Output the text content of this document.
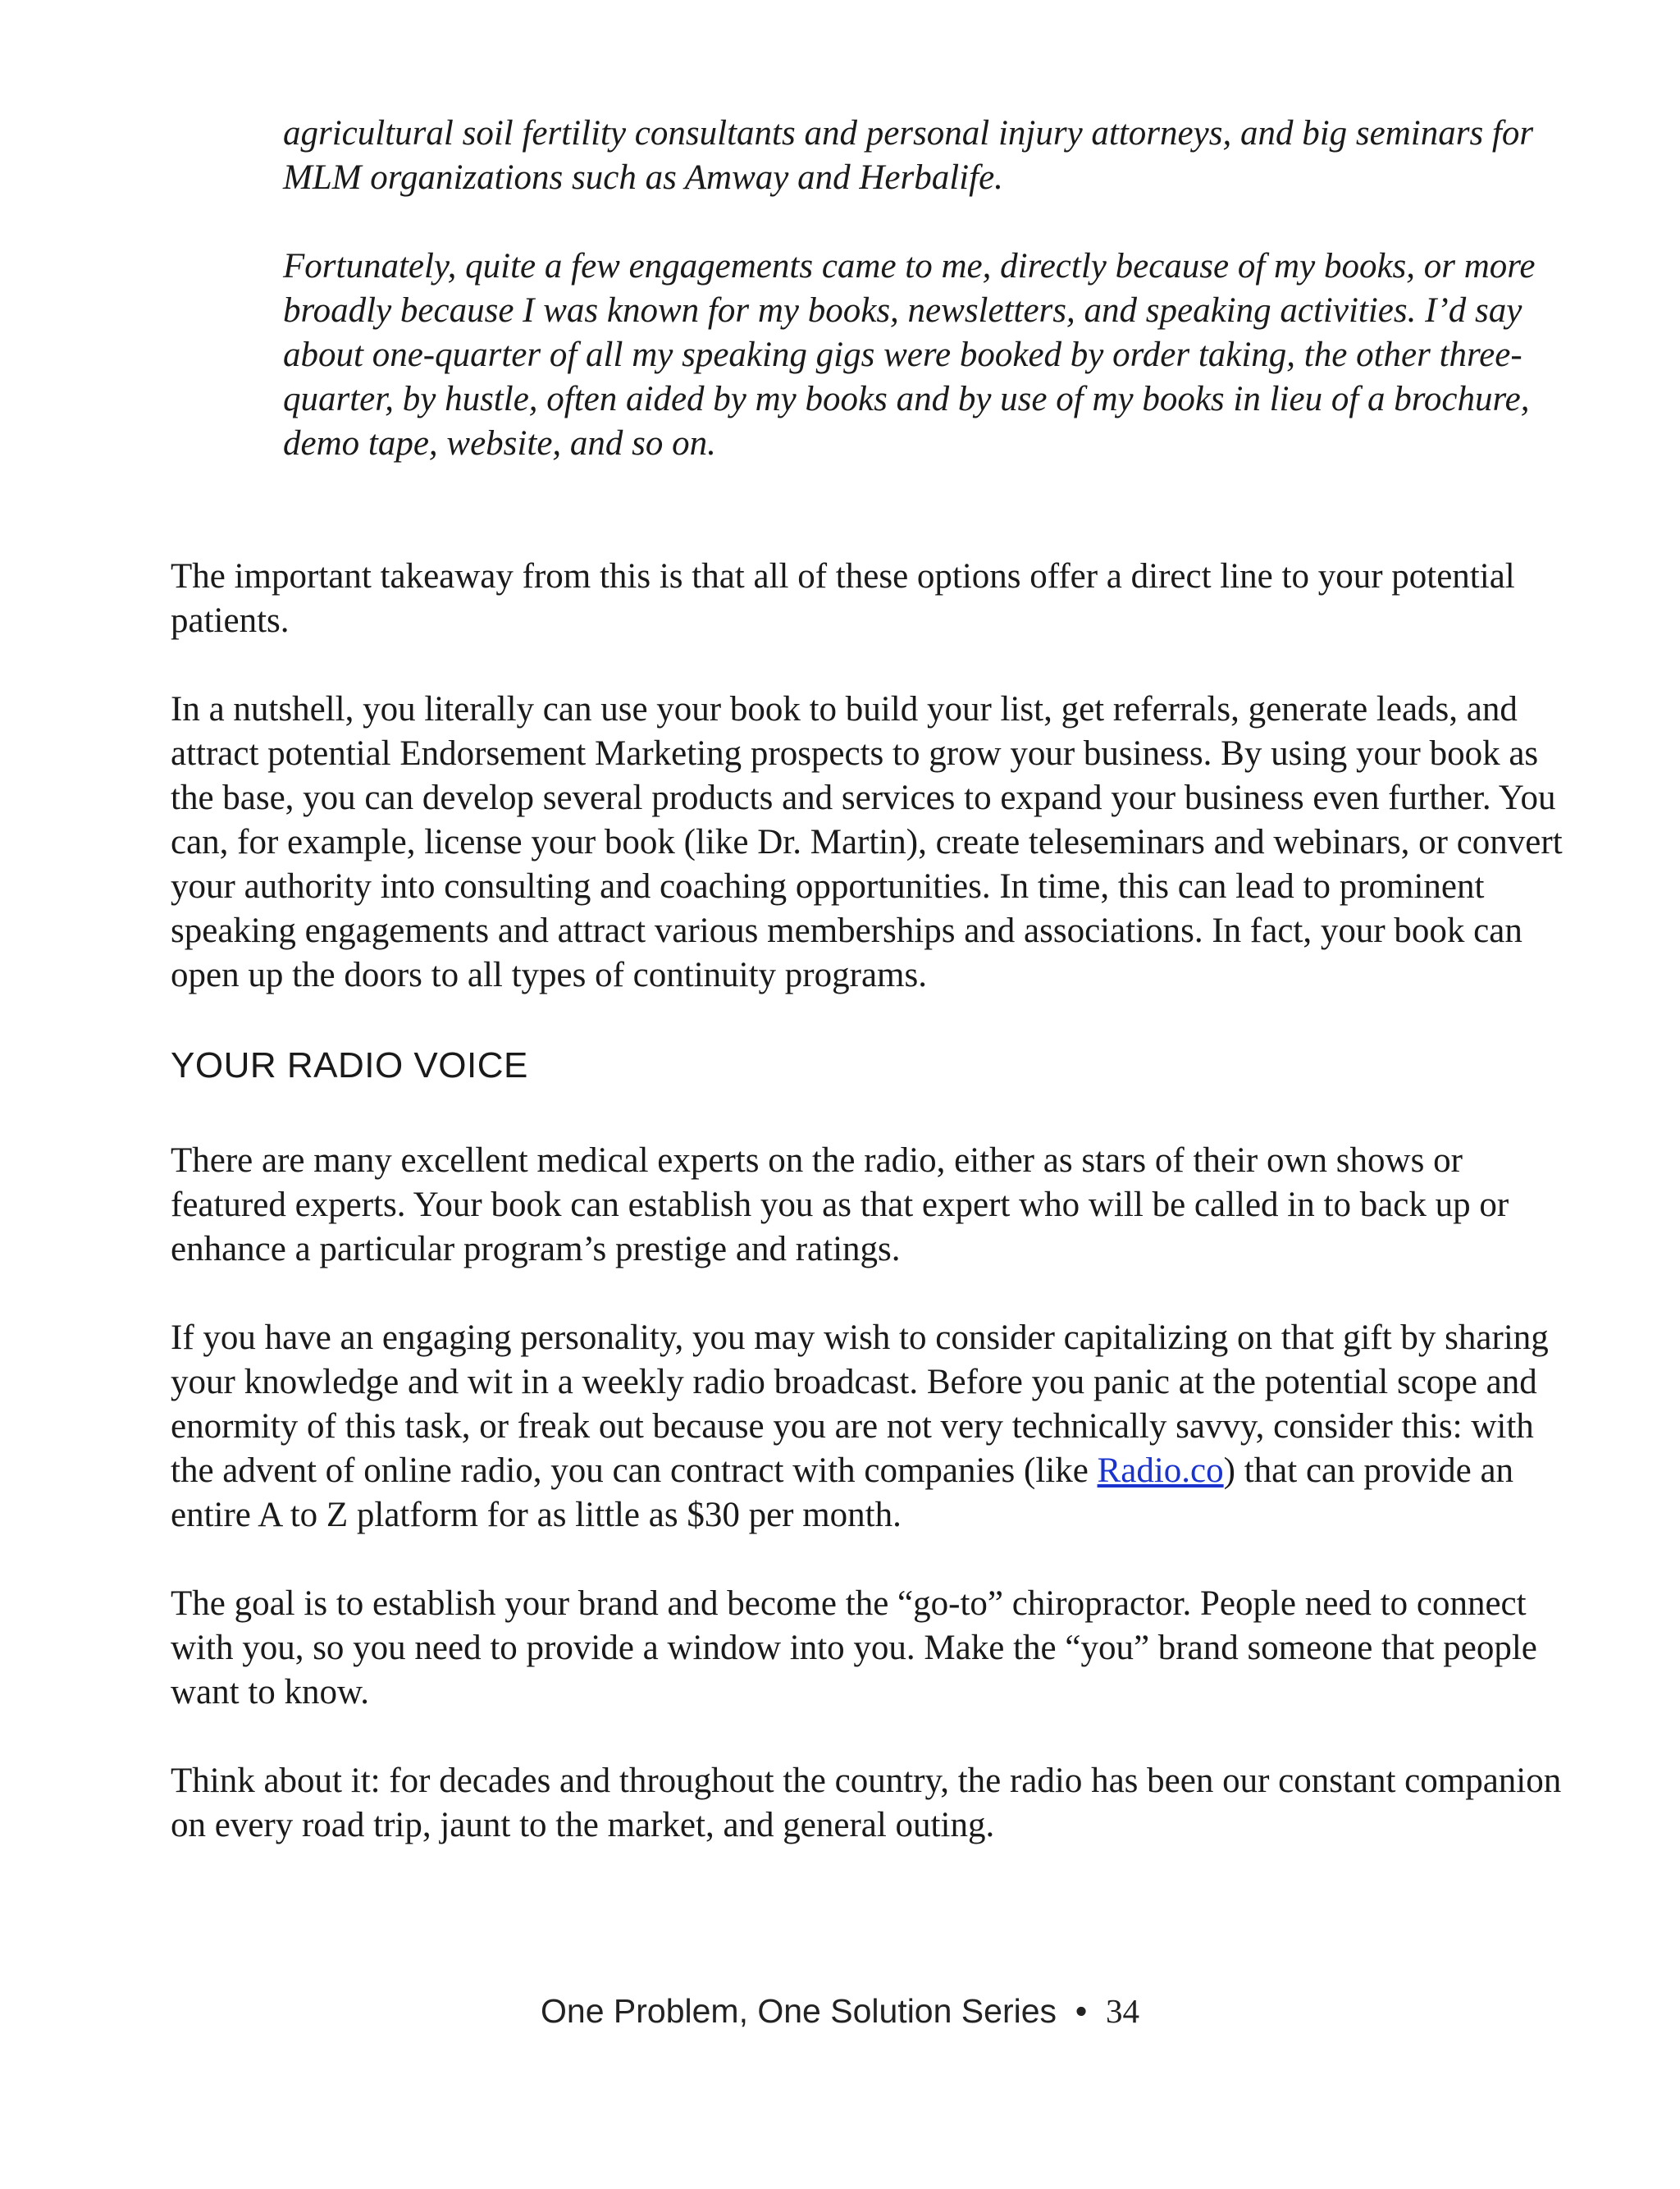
agricultural soil fertility consultants and personal injury attorneys, and big seminars for MLM organizations such as Amway and Herbalife.

Fortunately, quite a few engagements came to me, directly because of my books, or more broadly because I was known for my books, newsletters, and speaking activities. I’d say about one-quarter of all my speaking gigs were booked by order taking, the other three-quarter, by hustle, often aided by my books and by use of my books in lieu of a brochure, demo tape, website, and so on.

The important takeaway from this is that all of these options offer a direct line to your potential patients.

In a nutshell, you literally can use your book to build your list, get referrals, generate leads, and attract potential Endorsement Marketing prospects to grow your business. By using your book as the base, you can develop several products and services to expand your business even further. You can, for example, license your book (like Dr. Martin), create teleseminars and webinars, or convert your authority into consulting and coaching opportunities. In time, this can lead to prominent speaking engagements and attract various memberships and associations. In fact, your book can open up the doors to all types of continuity programs.

YOUR RADIO VOICE

There are many excellent medical experts on the radio, either as stars of their own shows or featured experts. Your book can establish you as that expert who will be called in to back up or enhance a particular program’s prestige and ratings.

If you have an engaging personality, you may wish to consider capitalizing on that gift by sharing your knowledge and wit in a weekly radio broadcast. Before you panic at the potential scope and enormity of this task, or freak out because you are not very technically savvy, consider this: with the advent of online radio, you can contract with companies (like Radio.co) that can provide an entire A to Z platform for as little as $30 per month.

The goal is to establish your brand and become the “go-to” chiropractor. People need to connect with you, so you need to provide a window into you. Make the “you” brand someone that people want to know.

Think about it: for decades and throughout the country, the radio has been our constant companion on every road trip, jaunt to the market, and general outing.

One Problem, One Solution Series • 34
